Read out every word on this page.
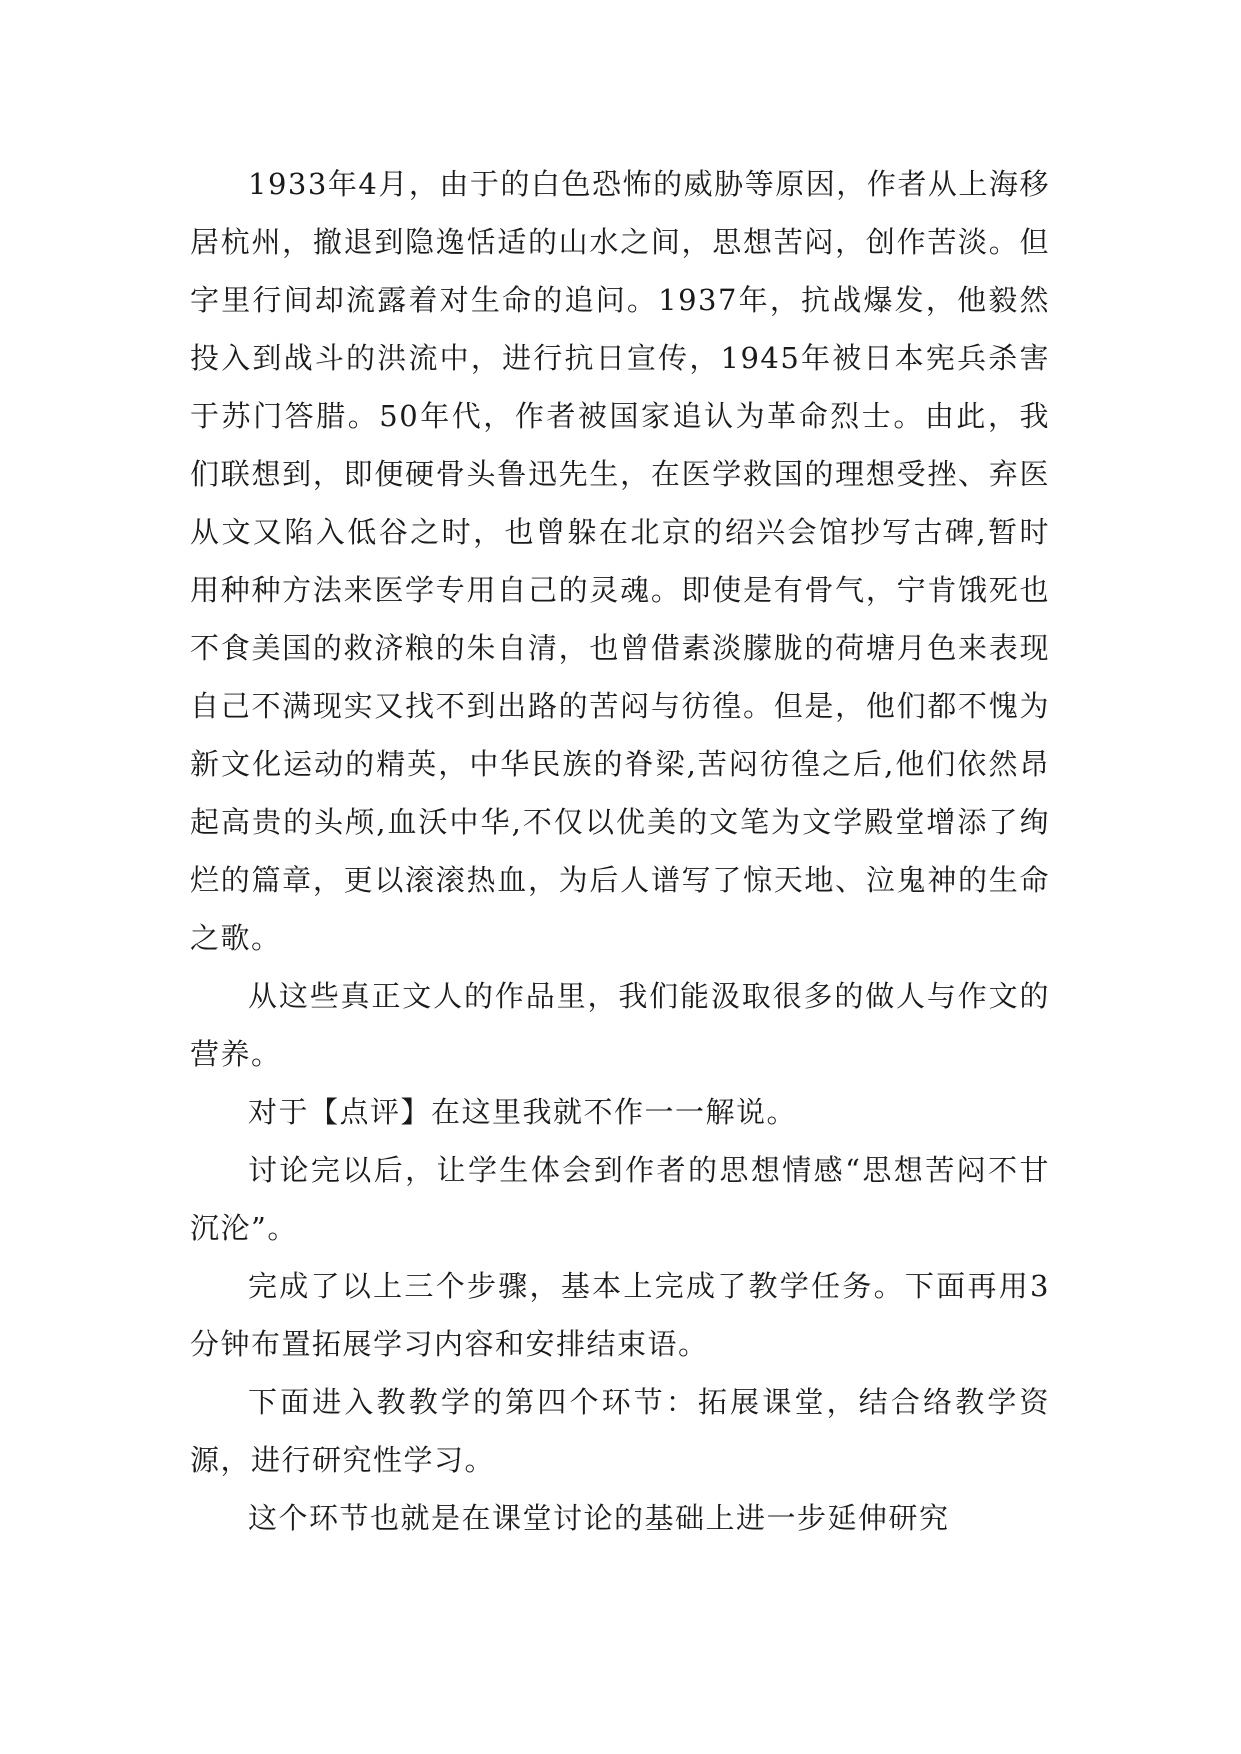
1933年4月，由于的白色恐怖的威胁等原因，作者从上海移居杭州，撤退到隐逸恬适的山水之间，思想苦闷，创作苦淡。但字里行间却流露着对生命的追问。1937年，抗战爆发，他毅然投入到战斗的洪流中，进行抗日宣传，1945年被日本宪兵杀害于苏门答腊。50年代，作者被国家追认为革命烈士。由此，我们联想到，即便硬骨头鲁迅先生，在医学救国的理想受挫、弃医从文又陷入低谷之时，也曾躲在北京的绍兴会馆抄写古碑,暂时用种种方法来医学专用自己的灵魂。即使是有骨气，宁肯饿死也不食美国的救济粮的朱自清，也曾借素淡朦胧的荷塘月色来表现自己不满现实又找不到出路的苦闷与彷徨。但是，他们都不愧为新文化运动的精英，中华民族的脊梁,苦闷彷徨之后,他们依然昂起高贵的头颅,血沃中华,不仅以优美的文笔为文学殿堂增添了绚烂的篇章，更以滚滚热血，为后人谱写了惊天地、泣鬼神的生命之歌。

从这些真正文人的作品里，我们能汲取很多的做人与作文的营养。

对于【点评】在这里我就不作一一解说。

讨论完以后，让学生体会到作者的思想情感“思想苦闷不甘沉沦”。

完成了以上三个步骤，基本上完成了教学任务。下面再用3分钟布置拓展学习内容和安排结束语。

下面进入教教学的第四个环节：拓展课堂，结合络教学资源，进行研究性学习。

这个环节也就是在课堂讨论的基础上进一步延伸研究
